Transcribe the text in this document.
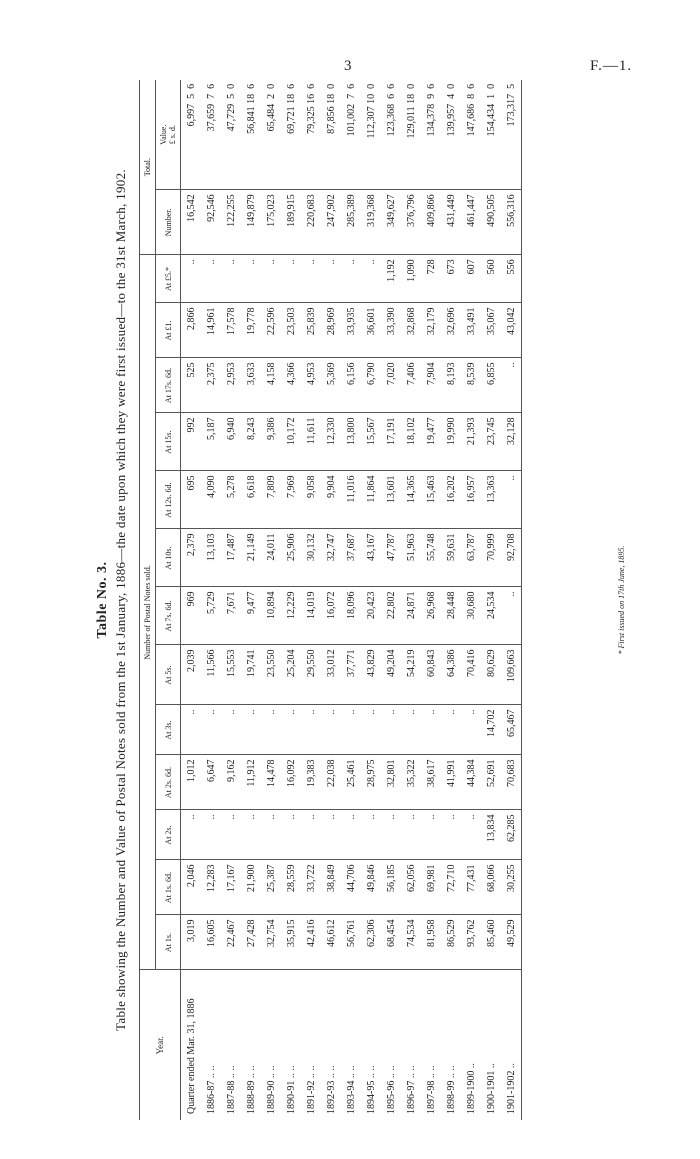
3	F.—1.
Table No. 3. Table showing the Number and Value of Postal Notes sold from the 1st January, 1886—the date upon which they were first issued—to the 31st March, 1902.
Year.	Number of Postal Notes sold.													Total.	
	At 1s.	At 1s. 6d.	At 2s.	At 2s. 6d.	At 3s.	At 5s.	At 7s. 6d.	At 10s.	At 12s. 6d.	At 15s.	At 17s. 6d.	At £1.	At £5.*	Number.	Value. £ s. d.

Quarter ended Mar. 31, 1886	3,019	2,046	..	1,012	..	2,039	969	2,379	695	992	525	2,866	..	16,542	6,997  5  6
1886-87 .. ..	16,605	12,283	..	6,647	..	11,566	5,729	13,103	4,090	5,187	2,375	14,961	..	92,546	37,659  7  6
1887-88 .. ..	22,467	17,167	..	9,162	..	15,553	7,671	17,487	5,278	6,940	2,953	17,578	..	122,255	47,729  5  0
1888-89 .. ..	27,428	21,900	..	11,912	..	19,741	9,477	21,149	6,618	8,243	3,633	19,778	..	149,879	56,841 18  6
1889-90 .. ..	32,754	25,387	..	14,478	..	23,550	10,894	24,011	7,809	9,386	4,158	22,596	..	175,023	65,484  2  0
1890-91 .. ..	35,915	28,559	..	16,092	..	25,204	12,229	25,906	7,969	10,172	4,366	23,503	..	189,915	69,721 18  6
1891-92 .. ..	42,416	33,722	..	19,383	..	29,550	14,019	30,132	9,058	11,611	4,953	25,839	..	220,683	79,325 16  6
1892-93 .. ..	46,612	38,849	..	22,038	..	33,012	16,072	32,747	9,904	12,330	5,369	28,969	..	247,902	87,856 18  0
1893-94 .. ..	56,761	44,706	..	25,461	..	37,771	18,096	37,687	11,016	13,800	6,156	33,935	..	285,389	101,002  7  6
1894-95 .. ..	62,306	49,846	..	28,975	..	43,829	20,423	43,167	11,864	15,567	6,790	36,601	..	319,368	112,307 10  0
1895-96 .. ..	68,454	56,185	..	32,801	..	49,204	22,802	47,787	13,601	17,191	7,020	33,390	1,192	349,627	123,368  6  6
1896-97 .. ..	74,534	62,056	..	35,322	..	54,219	24,871	51,963	14,365	18,102	7,406	32,868	1,090	376,796	129,011 18  0
1897-98 .. ..	81,958	69,981	..	38,617	..	60,843	26,968	55,748	15,463	19,477	7,904	32,179	728	409,866	134,378  9  6
1898-99 .. ..	86,529	72,710	..	41,991	..	64,386	28,448	59,631	16,202	19,990	8,193	32,696	673	431,449	139,957  4  0
1899-1900 ..	93,762	77,431	..	44,384	..	70,416	30,680	63,787	16,957	21,393	8,539	33,491	607	461,447	147,686  8  6
1900-1901 ..	85,460	68,066	13,834	52,691	14,702	80,629	24,534	70,999	13,363	23,745	6,855	35,067	560	490,505	154,434  1  0
1901-1902 ..	49,529	30,255	62,285	70,683	65,467	109,663	..	92,708	..	32,128	..	43,042	556	556,316	173,317  5
* First issued on 17th June, 1895.
